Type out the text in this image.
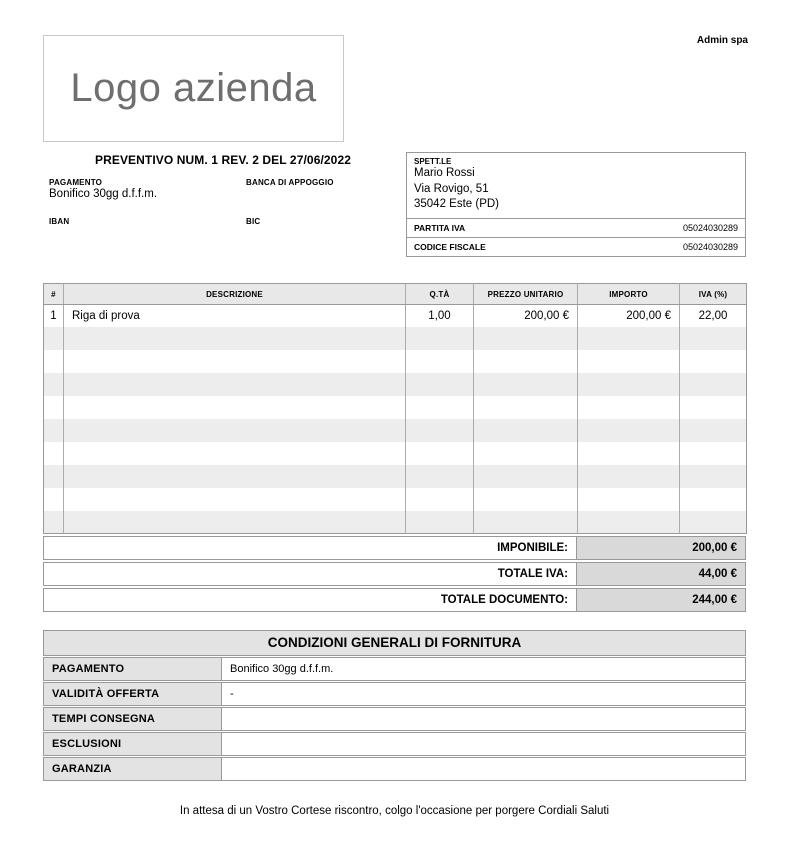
Logo azienda
Admin spa
PREVENTIVO NUM. 1 REV. 2 DEL 27/06/2022
PAGAMENTO
Bonifico 30gg d.f.f.m.
BANCA DI APPOGGIO
IBAN	BIC
SPETT.LE
Mario Rossi
Via Rovigo, 51
35042 Este (PD)
PARTITA IVA	05024030289
CODICE FISCALE	05024030289
#	DESCRIZIONE	Q.TÀ	PREZZO UNITARIO	IMPORTO	IVA (%)
1	Riga di prova	1,00	200,00 €	200,00 €	22,00

IMPONIBILE:	200,00 €
TOTALE IVA:	44,00 €
TOTALE DOCUMENTO:	244,00 €
CONDIZIONI GENERALI DI FORNITURA
PAGAMENTO	Bonifico 30gg d.f.f.m.
VALIDITÀ OFFERTA	-
TEMPI CONSEGNA
ESCLUSIONI
GARANZIA
In attesa di un Vostro Cortese riscontro, colgo l'occasione per porgere Cordiali Saluti
